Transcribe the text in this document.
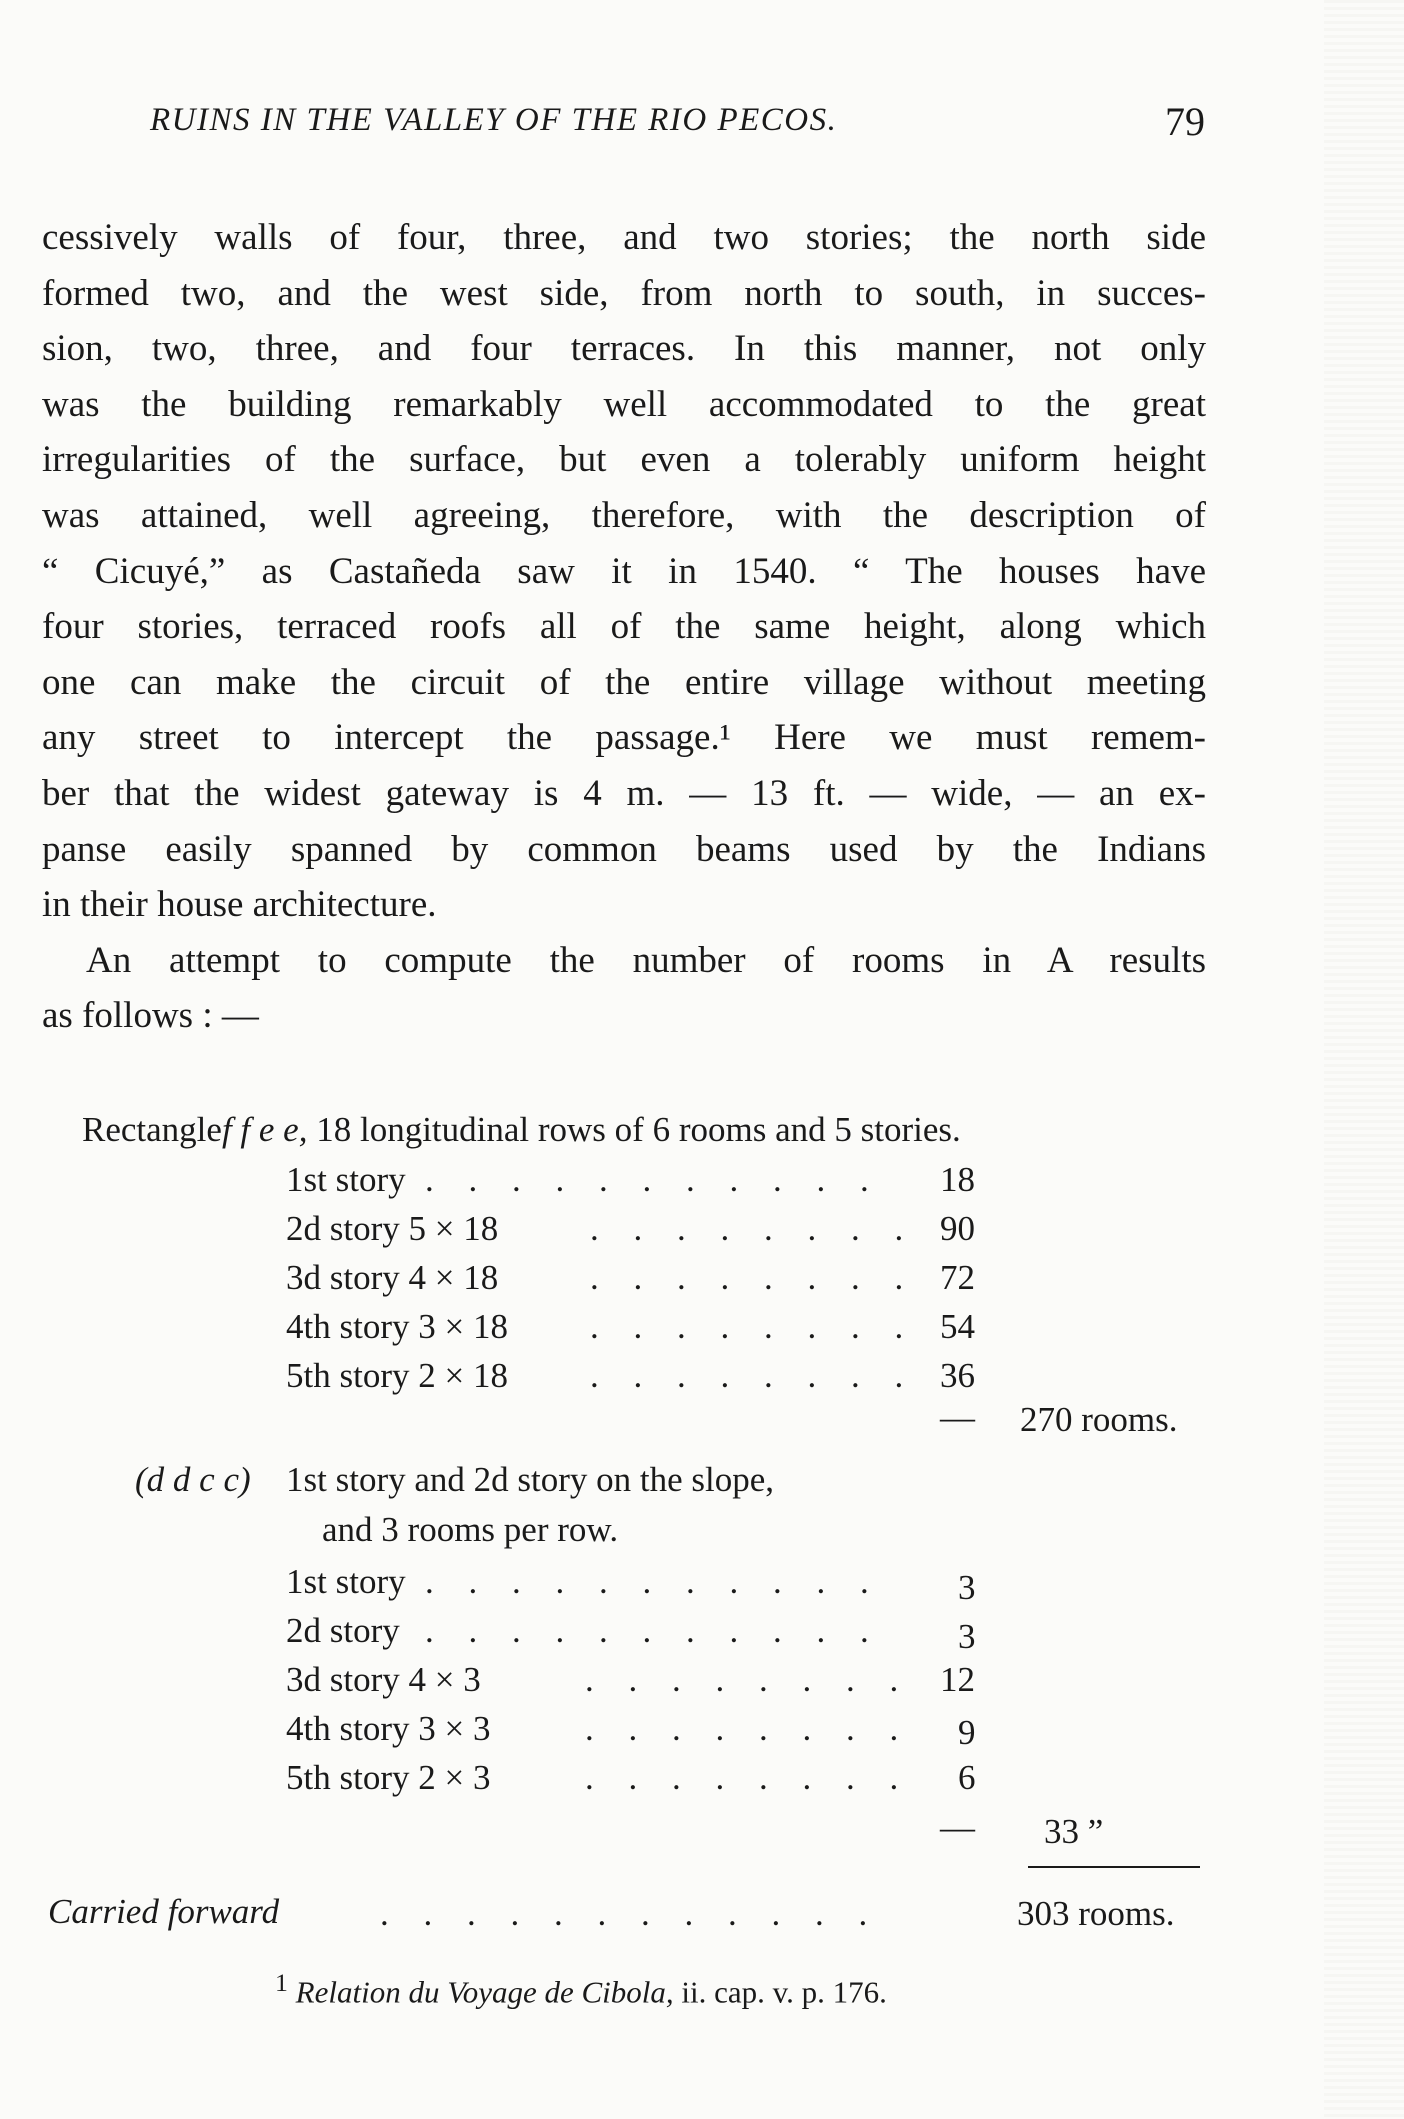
RUINS IN THE VALLEY OF THE RIO PECOS.	79
cessively walls of four, three, and two stories; the north side
formed two, and the west side, from north to south, in succes-
sion, two, three, and four terraces. In this manner, not only
was the building remarkably well accommodated to the great
irregularities of the surface, but even a tolerably uniform height
was attained, well agreeing, therefore, with the description of
“ Cicuyé,” as Castañeda saw it in 1540. “ The houses have
four stories, terraced roofs all of the same height, along which
one can make the circuit of the entire village without meeting
any street to intercept the passage.¹ Here we must remem-
ber that the widest gateway is 4 m. — 13 ft. — wide, — an ex-
panse easily spanned by common beams used by the Indians
in their house architecture.
An attempt to compute the number of rooms in A results
as follows : —
Rectanglef f e e, 18 longitudinal rows of 6 rooms and 5 stories.
1st story . . . . . . . . . . . 18
2d story 5 × 18	. . . . . . . . 90
3d story 4 × 18	. . . . . . . . 72
4th story 3 × 18 . . . . . . . . 54
5th story 2 × 18 . . . . . . . . 36
— 270 rooms.
(d d c c) 1st story and 2d story on the slope,
and 3 rooms per row.
1st story . . . . . . . . . . . 3
2d story . . . . . . . . . . . 3
3d story 4 × 3	. . . . . . . . 12
4th story 3 × 3	. . . . . . . . 9
5th story 2 × 3	. . . . . . . . 6
— 33 ”
Carried forward	. . . . . . . . . . . .	303 rooms.
$^1$ Relation du Voyage de Cibola, ii. cap. v. p. 176.
